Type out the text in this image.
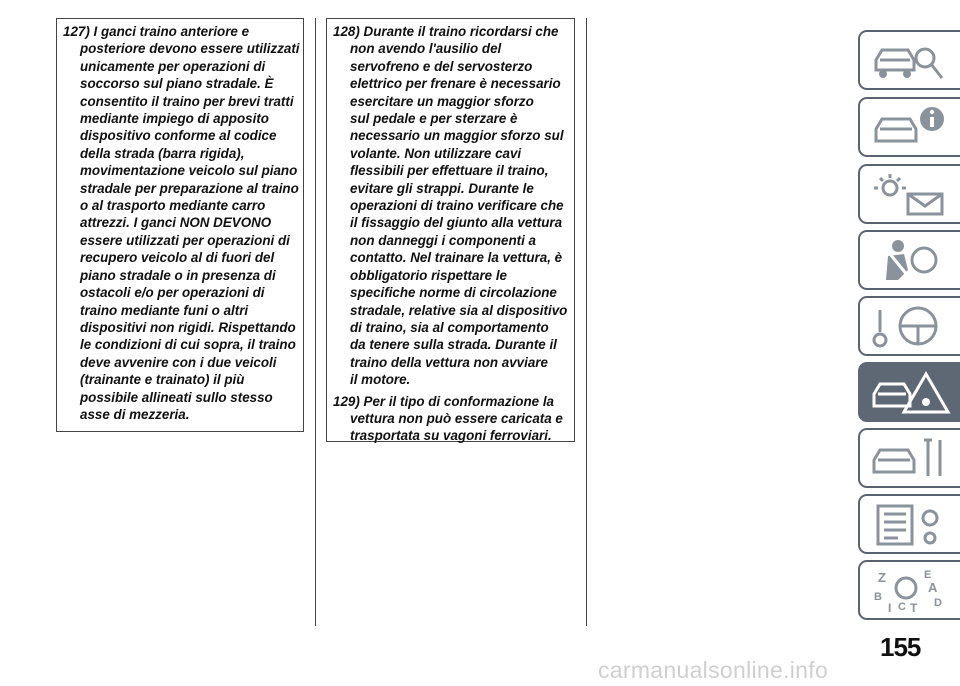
127) I ganci traino anteriore e
posteriore devono essere utilizzati
unicamente per operazioni di
soccorso sul piano stradale. È
consentito il traino per brevi tratti
mediante impiego di apposito
dispositivo conforme al codice
della strada (barra rigida),
movimentazione veicolo sul piano
stradale per preparazione al traino
o al trasporto mediante carro
attrezzi. I ganci NON DEVONO
essere utilizzati per operazioni di
recupero veicolo al di fuori del
piano stradale o in presenza di
ostacoli e/o per operazioni di
traino mediante funi o altri
dispositivi non rigidi. Rispettando
le condizioni di cui sopra, il traino
deve avvenire con i due veicoli
(trainante e trainato) il più
possibile allineati sullo stesso
asse di mezzeria.
128) Durante il traino ricordarsi che
non avendo l'ausilio del
servofreno e del servosterzo
elettrico per frenare è necessario
esercitare un maggior sforzo
sul pedale e per sterzare è
necessario un maggior sforzo sul
volante. Non utilizzare cavi
flessibili per effettuare il traino,
evitare gli strappi. Durante le
operazioni di traino verificare che
il fissaggio del giunto alla vettura
non danneggi i componenti a
contatto. Nel trainare la vettura, è
obbligatorio rispettare le
specifiche norme di circolazione
stradale, relative sia al dispositivo
di traino, sia al comportamento
da tenere sulla strada. Durante il
traino della vettura non avviare
il motore.
129) Per il tipo di conformazione la
vettura non può essere caricata e
trasportata su vagoni ferroviari.
Z	E
A
B	D
I C T
155
carmanualsonline.info
